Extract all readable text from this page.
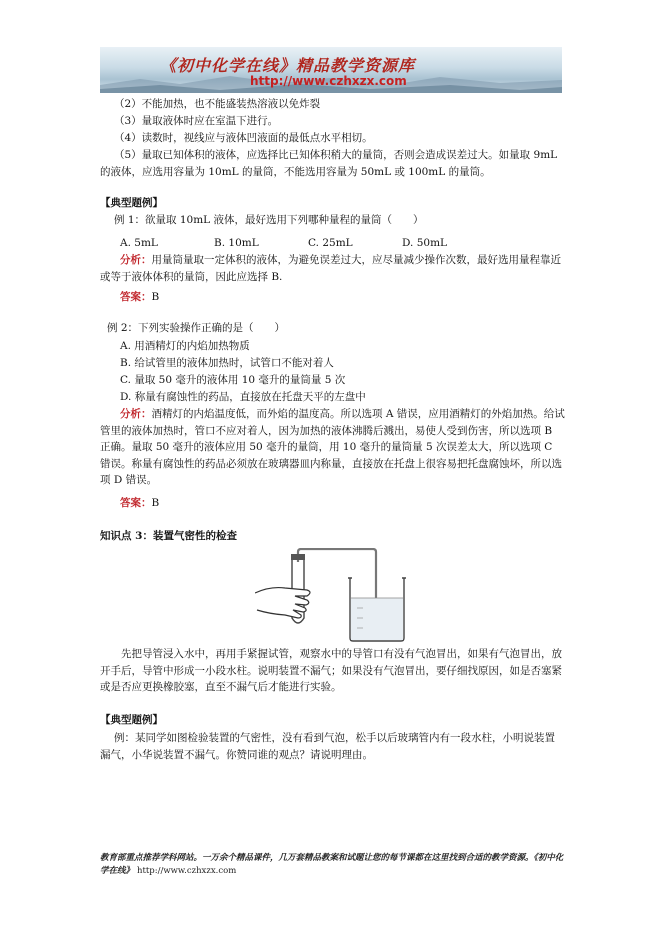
《初中化学在线》精品教学资源库
http://www.czhxzx.com
（2）不能加热，也不能盛装热溶液以免炸裂
（3）量取液体时应在室温下进行。
（4）读数时，视线应与液体凹液面的最低点水平相切。
（5）量取已知体积的液体，应选择比已知体积稍大的量筒，否则会造成误差过大。如量取 9mL 的液体，应选用容量为 10mL 的量筒，不能选用容量为 50mL 或 100mL 的量筒。
【典型题例】
例 1：欲量取 10mL 液体，最好选用下列哪种量程的量筒（　　）
A. 5mL	B. 10mL	C. 25mL	D. 50mL
分析：用量筒量取一定体积的液体，为避免误差过大，应尽量减少操作次数，最好选用量程靠近或等于液体体积的量筒，因此应选择 B.
答案：B
例 2：下列实验操作正确的是（　　）
A. 用酒精灯的内焰加热物质
B. 给试管里的液体加热时，试管口不能对着人
C. 量取 50 毫升的液体用 10 毫升的量筒量 5 次
D. 称量有腐蚀性的药品，直接放在托盘天平的左盘中
分析：酒精灯的内焰温度低，而外焰的温度高。所以选项 A 错误，应用酒精灯的外焰加热。给试管里的液体加热时，管口不应对着人，因为加热的液体沸腾后溅出，易使人受到伤害，所以选项 B 正确。量取 50 毫升的液体应用 50 毫升的量筒，用 10 毫升的量筒量 5 次误差太大，所以选项 C 错误。称量有腐蚀性的药品必须放在玻璃器皿内称量，直接放在托盘上很容易把托盘腐蚀坏，所以选项 D 错误。
答案：B
知识点 3：装置气密性的检查
先把导管浸入水中，再用手紧握试管，观察水中的导管口有没有气泡冒出，如果有气泡冒出，放开手后，导管中形成一小段水柱。说明装置不漏气；如果没有气泡冒出，要仔细找原因，如是否塞紧或是否应更换橡胶塞，直至不漏气后才能进行实验。
【典型题例】
例：某同学如图检验装置的气密性，没有看到气泡，松手以后玻璃管内有一段水柱，小明说装置漏气，小华说装置不漏气。你赞同谁的观点？请说明理由。
教育部重点推荐学科网站。一万余个精品课件，几万套精品教案和试题让您的每节课都在这里找到合适的教学资源。《初中化学在线》 http://www.czhxzx.com
